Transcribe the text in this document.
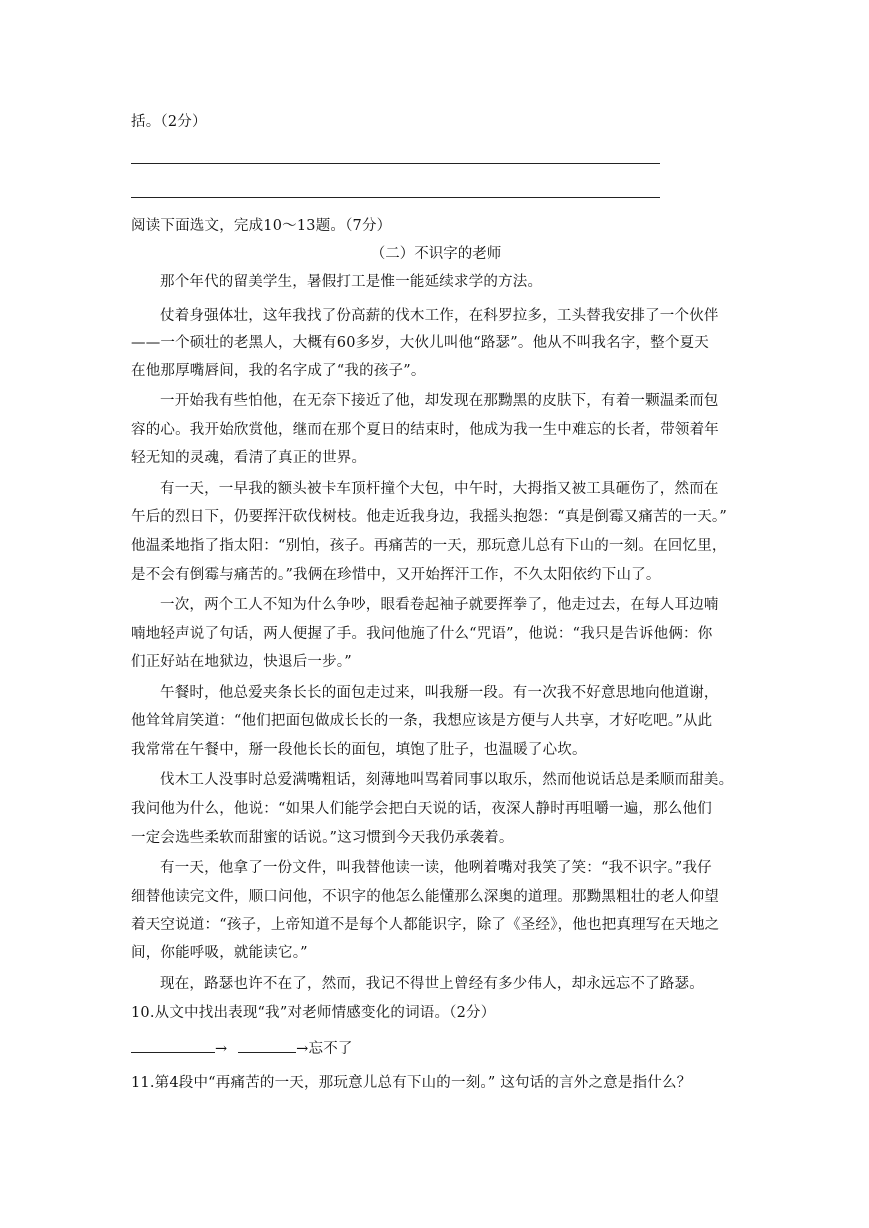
括。（2分）
阅读下面选文，完成10～13题。（7分）
（二）不识字的老师
那个年代的留美学生，暑假打工是惟一能延续求学的方法。
仗着身强体壮，这年我找了份高薪的伐木工作，在科罗拉多，工头替我安排了一个伙伴
——一个硕壮的老黑人，大概有60多岁，大伙儿叫他“路瑟”。他从不叫我名字，整个夏天
在他那厚嘴唇间，我的名字成了“我的孩子”。
一开始我有些怕他，在无奈下接近了他，却发现在那黝黑的皮肤下，有着一颗温柔而包
容的心。我开始欣赏他，继而在那个夏日的结束时，他成为我一生中难忘的长者，带领着年
轻无知的灵魂，看清了真正的世界。
有一天，一早我的额头被卡车顶杆撞个大包，中午时，大拇指又被工具砸伤了，然而在
午后的烈日下，仍要挥汗砍伐树枝。他走近我身边，我摇头抱怨：“真是倒霉又痛苦的一天。”
他温柔地指了指太阳：“别怕，孩子。再痛苦的一天，那玩意儿总有下山的一刻。在回忆里，
是不会有倒霉与痛苦的。”我俩在珍惜中，又开始挥汗工作，不久太阳依约下山了。
一次，两个工人不知为什么争吵，眼看卷起袖子就要挥拳了，他走过去，在每人耳边喃
喃地轻声说了句话，两人便握了手。我问他施了什么“咒语”，他说：“我只是告诉他俩：你
们正好站在地狱边，快退后一步。”
午餐时，他总爱夹条长长的面包走过来，叫我掰一段。有一次我不好意思地向他道谢，
他耸耸肩笑道：“他们把面包做成长长的一条，我想应该是方便与人共享，才好吃吧。”从此
我常常在午餐中，掰一段他长长的面包，填饱了肚子，也温暖了心坎。
伐木工人没事时总爱满嘴粗话，刻薄地叫骂着同事以取乐，然而他说话总是柔顺而甜美。
我问他为什么，他说：“如果人们能学会把白天说的话，夜深人静时再咀嚼一遍，那么他们
一定会选些柔软而甜蜜的话说。”这习惯到今天我仍承袭着。
有一天，他拿了一份文件，叫我替他读一读，他咧着嘴对我笑了笑：“我不识字。”我仔
细替他读完文件，顺口问他，不识字的他怎么能懂那么深奥的道理。那黝黑粗壮的老人仰望
着天空说道：“孩子，上帝知道不是每个人都能识字，除了《圣经》，他也把真理写在天地之
间，你能呼吸，就能读它。”
现在，路瑟也许不在了，然而，我记不得世上曾经有多少伟人，却永远忘不了路瑟。
10.从文中找出表现“我”对老师情感变化的词语。（2分）
→	→忘不了
11.第4段中“再痛苦的一天，那玩意儿总有下山的一刻。” 这句话的言外之意是指什么？
